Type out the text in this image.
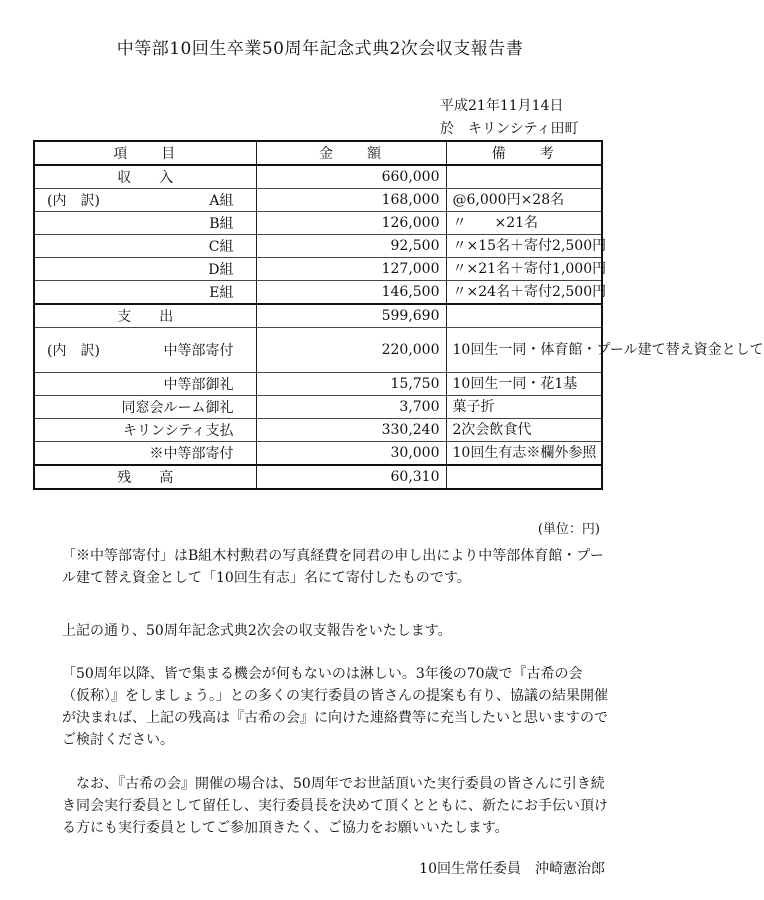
中等部10回生卒業50周年記念式典2次会収支報告書
平成21年11月14日
於　キリンシティ田町
項　　目	金　　額	備　　考

収　　入	660,000	

(内　訳) A組	168,000	@6,000円×28名

B組	126,000	〃　　×21名

C組	92,500	〃×15名＋寄付2,500円

D組	127,000	〃×21名＋寄付1,000円

E組	146,500	〃×24名＋寄付2,500円

支　　出	599,690	

(内　訳) 中等部寄付	220,000	10回生一同・体育館・プール建て替え資金として

中等部御礼	15,750	10回生一同・花1基

同窓会ルーム御礼	3,700	菓子折

キリンシティ支払	330,240	2次会飲食代

※中等部寄付	30,000	10回生有志※欄外参照

残　　高	60,310	
(単位：円)

「※中等部寄付」はB組木村勲君の写真経費を同君の申し出により中等部体育館・プール建て替え資金として「10回生有志」名にて寄付したものです。

上記の通り、50周年記念式典2次会の収支報告をいたします。

「50周年以降、皆で集まる機会が何もないのは淋しい。3年後の70歳で『古希の会（仮称）』をしましょう。」との多くの実行委員の皆さんの提案も有り、協議の結果開催が決まれば、上記の残高は『古希の会』に向けた連絡費等に充当したいと思いますのでご検討ください。

なお、『古希の会』開催の場合は、50周年でお世話頂いた実行委員の皆さんに引き続き同会実行委員として留任し、実行委員長を決めて頂くとともに、新たにお手伝い頂ける方にも実行委員としてご参加頂きたく、ご協力をお願いいたします。

10回生常任委員　沖崎憲治郎
